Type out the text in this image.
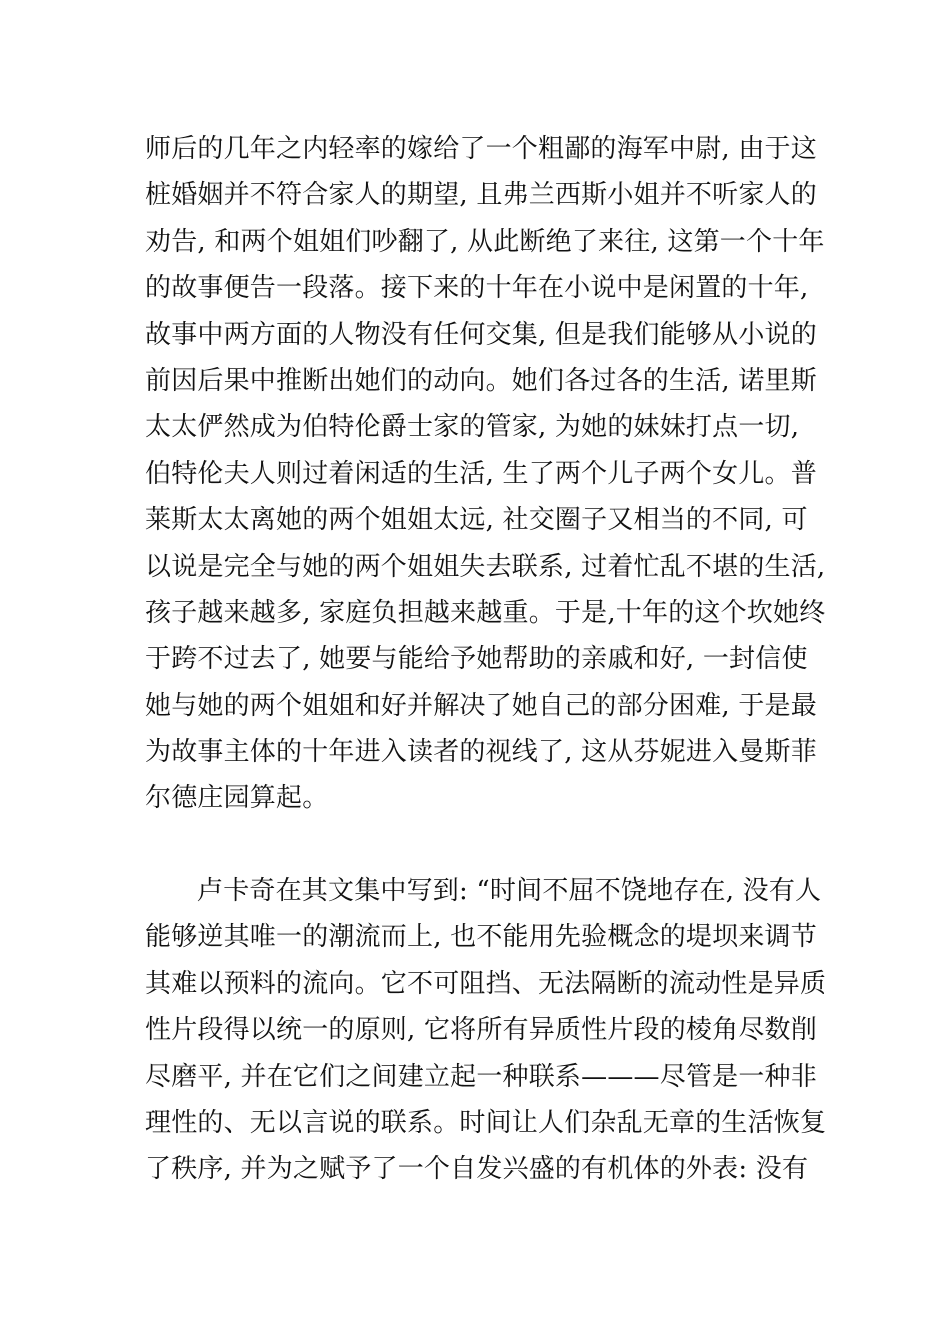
师后的几年之内轻率的嫁给了一个粗鄙的海军中尉, 由于这
桩婚姻并不符合家人的期望, 且弗兰西斯小姐并不听家人的
劝告, 和两个姐姐们吵翻了, 从此断绝了来往, 这第一个十年
的故事便告一段落。接下来的十年在小说中是闲置的十年,
故事中两方面的人物没有任何交集, 但是我们能够从小说的
前因后果中推断出她们的动向。她们各过各的生活, 诺里斯
太太俨然成为伯特伦爵士家的管家, 为她的妹妹打点一切,
伯特伦夫人则过着闲适的生活, 生了两个儿子两个女儿。普
莱斯太太离她的两个姐姐太远, 社交圈子又相当的不同, 可
以说是完全与她的两个姐姐失去联系, 过着忙乱不堪的生活,
孩子越来越多, 家庭负担越来越重。于是,十年的这个坎她终
于跨不过去了, 她要与能给予她帮助的亲戚和好, 一封信使
她与她的两个姐姐和好并解决了她自己的部分困难, 于是最
为故事主体的十年进入读者的视线了, 这从芬妮进入曼斯菲
尔德庄园算起。
卢卡奇在其文集中写到: “时间不屈不饶地存在, 没有人
能够逆其唯一的潮流而上, 也不能用先验概念的堤坝来调节
其难以预料的流向。它不可阻挡、无法隔断的流动性是异质
性片段得以统一的原则, 它将所有异质性片段的棱角尽数削
尽磨平, 并在它们之间建立起一种联系———尽管是一种非
理性的、无以言说的联系。时间让人们杂乱无章的生活恢复
了秩序, 并为之赋予了一个自发兴盛的有机体的外表: 没有
